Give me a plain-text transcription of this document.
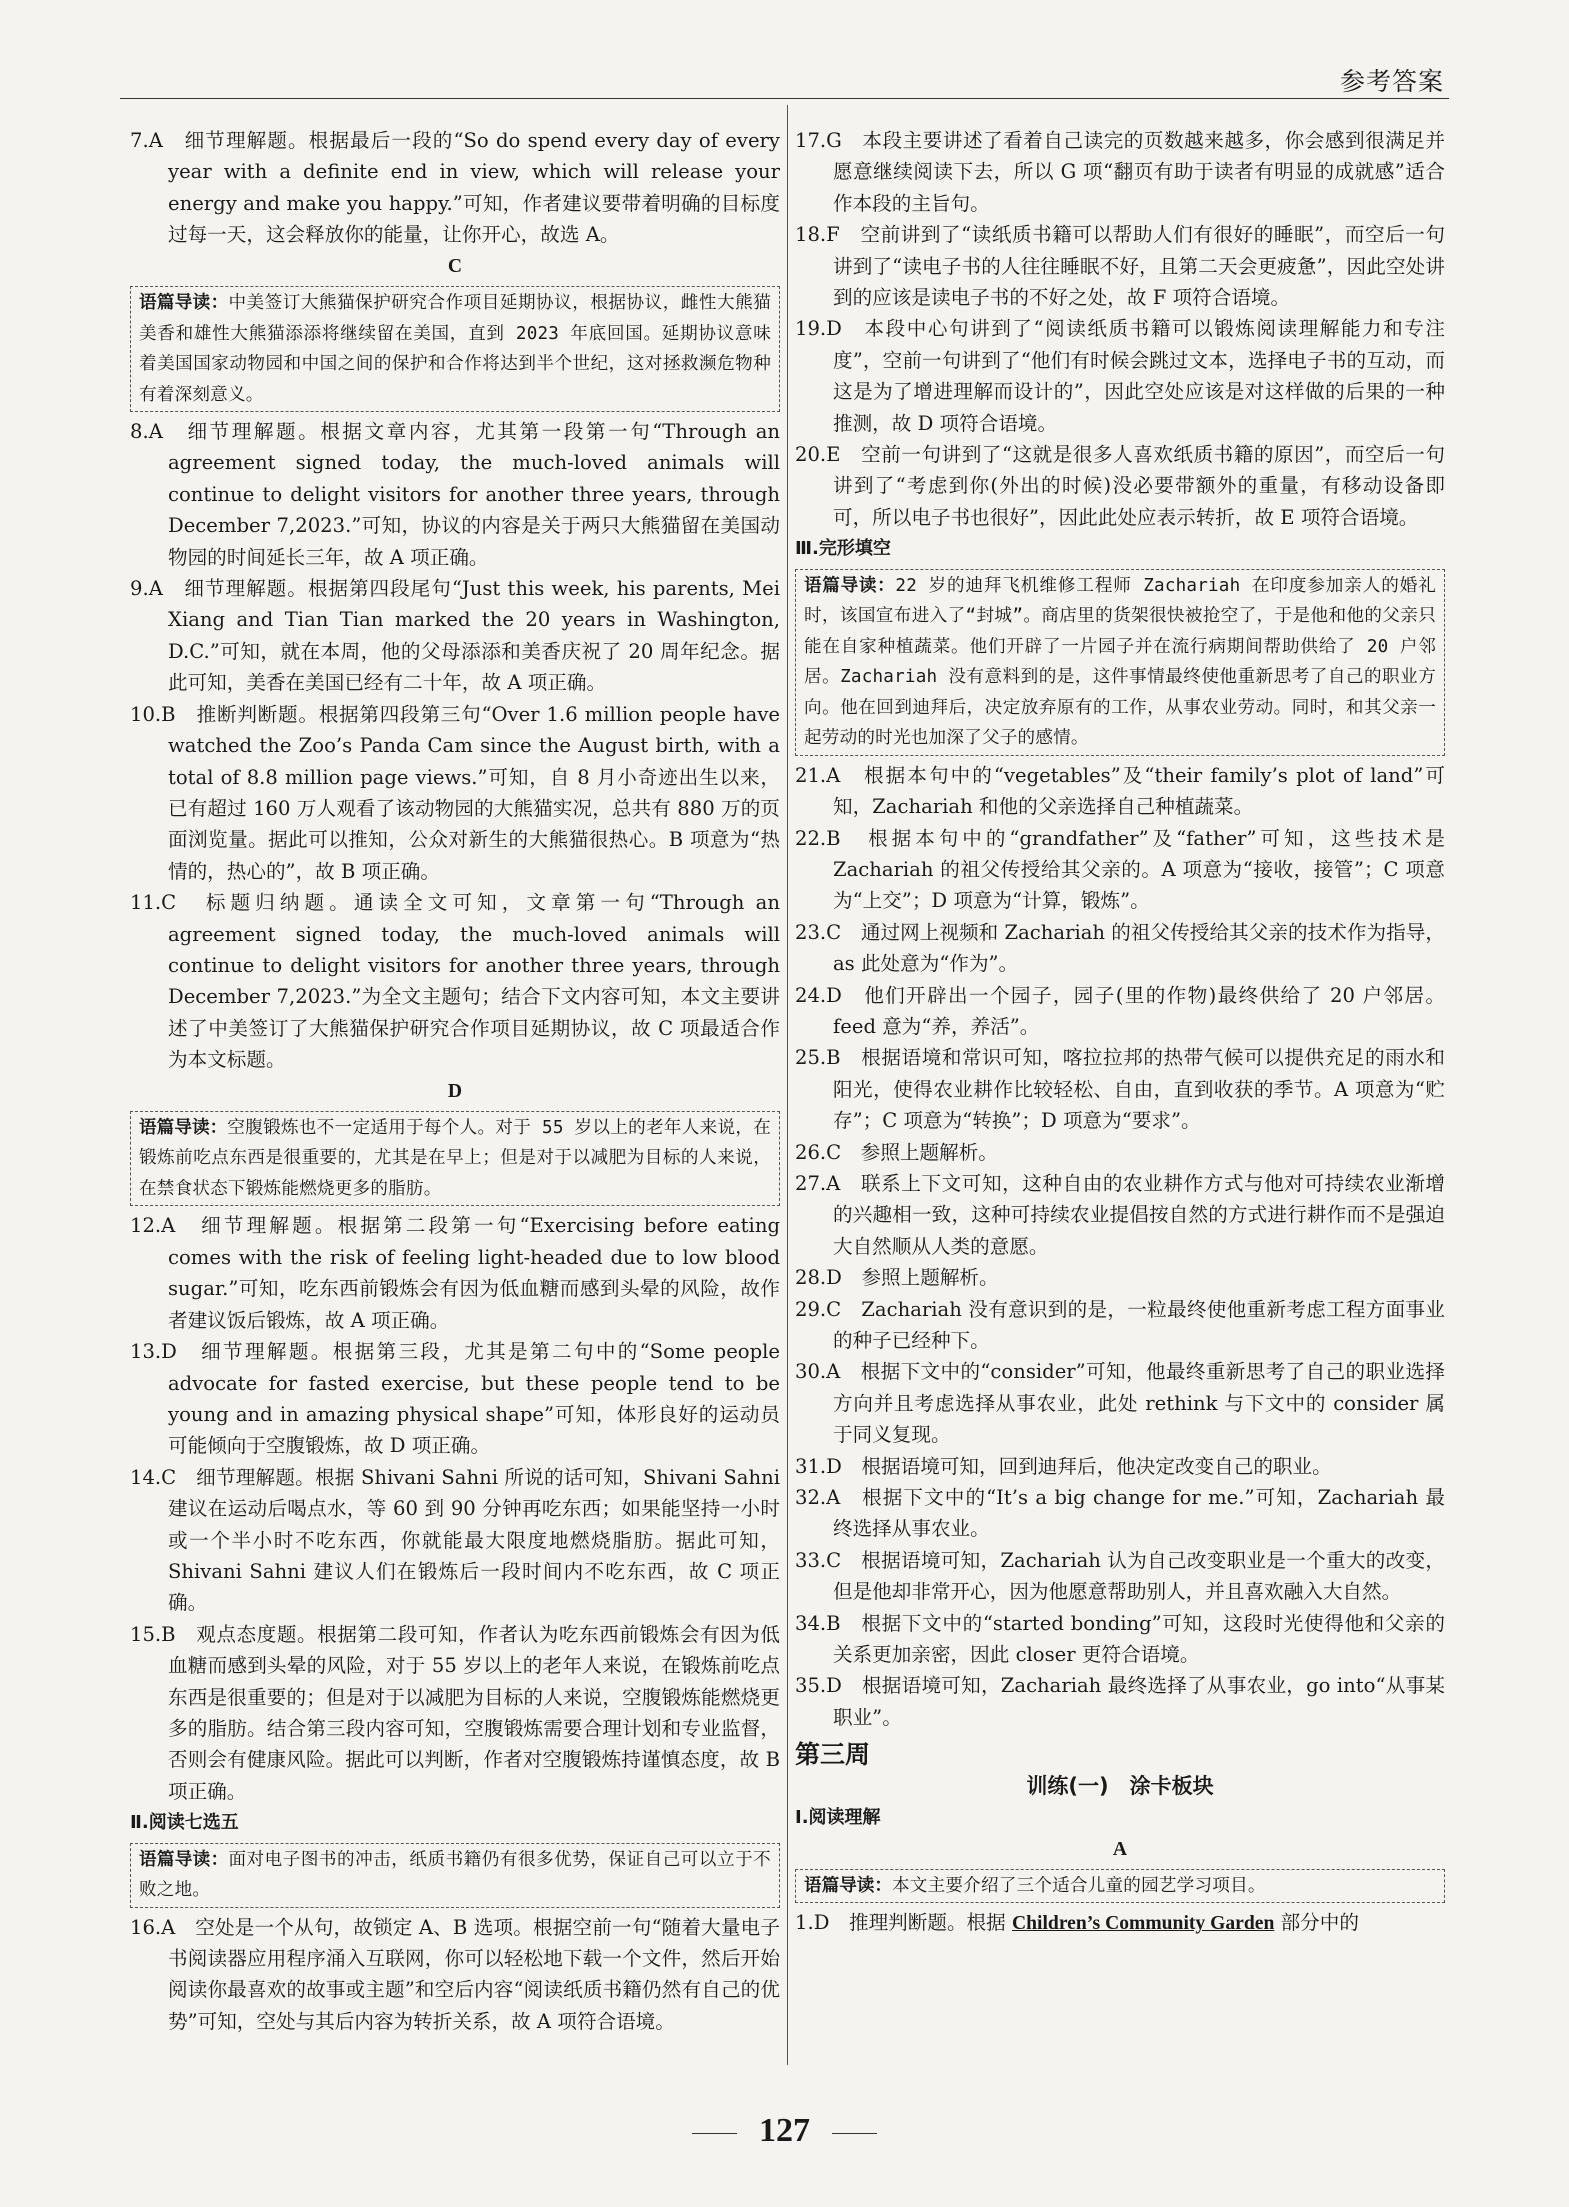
参考答案

7.A　细节理解题。根据最后一段的“So do spend every day of every year with a definite end in view, which will release your energy and make you happy.”可知，作者建议要带着明确的目标度过每一天，这会释放你的能量，让你开心，故选 A。

C

语篇导读：中美签订大熊猫保护研究合作项目延期协议，根据协议，雌性大熊猫美香和雄性大熊猫添添将继续留在美国，直到 2023 年底回国。延期协议意味着美国国家动物园和中国之间的保护和合作将达到半个世纪，这对拯救濒危物种有着深刻意义。

8.A　细节理解题。根据文章内容，尤其第一段第一句“Through an agreement signed today, the much-loved animals will continue to delight visitors for another three years, through December 7,2023.”可知，协议的内容是关于两只大熊猫留在美国动物园的时间延长三年，故 A 项正确。

9.A　细节理解题。根据第四段尾句“Just this week, his parents, Mei Xiang and Tian Tian marked the 20 years in Washington, D.C.”可知，就在本周，他的父母添添和美香庆祝了 20 周年纪念。据此可知，美香在美国已经有二十年，故 A 项正确。

10.B　推断判断题。根据第四段第三句“Over 1.6 million people have watched the Zoo’s Panda Cam since the August birth, with a total of 8.8 million page views.”可知，自 8 月小奇迹出生以来，已有超过 160 万人观看了该动物园的大熊猫实况，总共有 880 万的页面浏览量。据此可以推知，公众对新生的大熊猫很热心。B 项意为“热情的，热心的”，故 B 项正确。

11.C　标题归纳题。通读全文可知，文章第一句“Through an agreement signed today, the much-loved animals will continue to delight visitors for another three years, through December 7,2023.”为全文主题句；结合下文内容可知，本文主要讲述了中美签订了大熊猫保护研究合作项目延期协议，故 C 项最适合作为本文标题。

D

语篇导读：空腹锻炼也不一定适用于每个人。对于 55 岁以上的老年人来说，在锻炼前吃点东西是很重要的，尤其是在早上；但是对于以减肥为目标的人来说，在禁食状态下锻炼能燃烧更多的脂肪。

12.A　细节理解题。根据第二段第一句“Exercising before eating comes with the risk of feeling light-headed due to low blood sugar.”可知，吃东西前锻炼会有因为低血糖而感到头晕的风险，故作者建议饭后锻炼，故 A 项正确。

13.D　细节理解题。根据第三段，尤其是第二句中的“Some people advocate for fasted exercise, but these people tend to be young and in amazing physical shape”可知，体形良好的运动员可能倾向于空腹锻炼，故 D 项正确。

14.C　细节理解题。根据 Shivani Sahni 所说的话可知，Shivani Sahni 建议在运动后喝点水，等 60 到 90 分钟再吃东西；如果能坚持一小时或一个半小时不吃东西，你就能最大限度地燃烧脂肪。据此可知，Shivani Sahni 建议人们在锻炼后一段时间内不吃东西，故 C 项正确。

15.B　观点态度题。根据第二段可知，作者认为吃东西前锻炼会有因为低血糖而感到头晕的风险，对于 55 岁以上的老年人来说，在锻炼前吃点东西是很重要的；但是对于以减肥为目标的人来说，空腹锻炼能燃烧更多的脂肪。结合第三段内容可知，空腹锻炼需要合理计划和专业监督，否则会有健康风险。据此可以判断，作者对空腹锻炼持谨慎态度，故 B 项正确。

Ⅱ.阅读七选五

语篇导读：面对电子图书的冲击，纸质书籍仍有很多优势，保证自己可以立于不败之地。

16.A　空处是一个从句，故锁定 A、B 选项。根据空前一句“随着大量电子书阅读器应用程序涌入互联网，你可以轻松地下载一个文件，然后开始阅读你最喜欢的故事或主题”和空后内容“阅读纸质书籍仍然有自己的优势”可知，空处与其后内容为转折关系，故 A 项符合语境。

17.G　本段主要讲述了看着自己读完的页数越来越多，你会感到很满足并愿意继续阅读下去，所以 G 项“翻页有助于读者有明显的成就感”适合作本段的主旨句。

18.F　空前讲到了“读纸质书籍可以帮助人们有很好的睡眠”，而空后一句讲到了“读电子书的人往往睡眠不好，且第二天会更疲惫”，因此空处讲到的应该是读电子书的不好之处，故 F 项符合语境。

19.D　本段中心句讲到了“阅读纸质书籍可以锻炼阅读理解能力和专注度”，空前一句讲到了“他们有时候会跳过文本，选择电子书的互动，而这是为了增进理解而设计的”，因此空处应该是对这样做的后果的一种推测，故 D 项符合语境。

20.E　空前一句讲到了“这就是很多人喜欢纸质书籍的原因”，而空后一句讲到了“考虑到你(外出的时候)没必要带额外的重量，有移动设备即可，所以电子书也很好”，因此此处应表示转折，故 E 项符合语境。

Ⅲ.完形填空

语篇导读：22 岁的迪拜飞机维修工程师 Zachariah 在印度参加亲人的婚礼时，该国宣布进入了“封城”。商店里的货架很快被抢空了，于是他和他的父亲只能在自家种植蔬菜。他们开辟了一片园子并在流行病期间帮助供给了 20 户邻居。Zachariah 没有意料到的是，这件事情最终使他重新思考了自己的职业方向。他在回到迪拜后，决定放弃原有的工作，从事农业劳动。同时，和其父亲一起劳动的时光也加深了父子的感情。

21.A　根据本句中的“vegetables”及“their family’s plot of land”可知，Zachariah 和他的父亲选择自己种植蔬菜。

22.B　根据本句中的“grandfather”及“father”可知，这些技术是 Zachariah 的祖父传授给其父亲的。A 项意为“接收，接管”；C 项意为“上交”；D 项意为“计算，锻炼”。

23.C　通过网上视频和 Zachariah 的祖父传授给其父亲的技术作为指导，as 此处意为“作为”。

24.D　他们开辟出一个园子，园子(里的作物)最终供给了 20 户邻居。feed 意为“养，养活”。

25.B　根据语境和常识可知，喀拉拉邦的热带气候可以提供充足的雨水和阳光，使得农业耕作比较轻松、自由，直到收获的季节。A 项意为“贮存”；C 项意为“转换”；D 项意为“要求”。

26.C　参照上题解析。

27.A　联系上下文可知，这种自由的农业耕作方式与他对可持续农业渐增的兴趣相一致，这种可持续农业提倡按自然的方式进行耕作而不是强迫大自然顺从人类的意愿。

28.D　参照上题解析。

29.C　Zachariah 没有意识到的是，一粒最终使他重新考虑工程方面事业的种子已经种下。

30.A　根据下文中的“consider”可知，他最终重新思考了自己的职业选择方向并且考虑选择从事农业，此处 rethink 与下文中的 consider 属于同义复现。

31.D　根据语境可知，回到迪拜后，他决定改变自己的职业。

32.A　根据下文中的“It’s a big change for me.”可知，Zachariah 最终选择从事农业。

33.C　根据语境可知，Zachariah 认为自己改变职业是一个重大的改变，但是他却非常开心，因为他愿意帮助别人，并且喜欢融入大自然。

34.B　根据下文中的“started bonding”可知，这段时光使得他和父亲的关系更加亲密，因此 closer 更符合语境。

35.D　根据语境可知，Zachariah 最终选择了从事农业，go into“从事某职业”。

第三周

训练(一)　涂卡板块

Ⅰ.阅读理解

A

语篇导读：本文主要介绍了三个适合儿童的园艺学习项目。

1.D　推理判断题。根据 Children’s Community Garden 部分中的

127
